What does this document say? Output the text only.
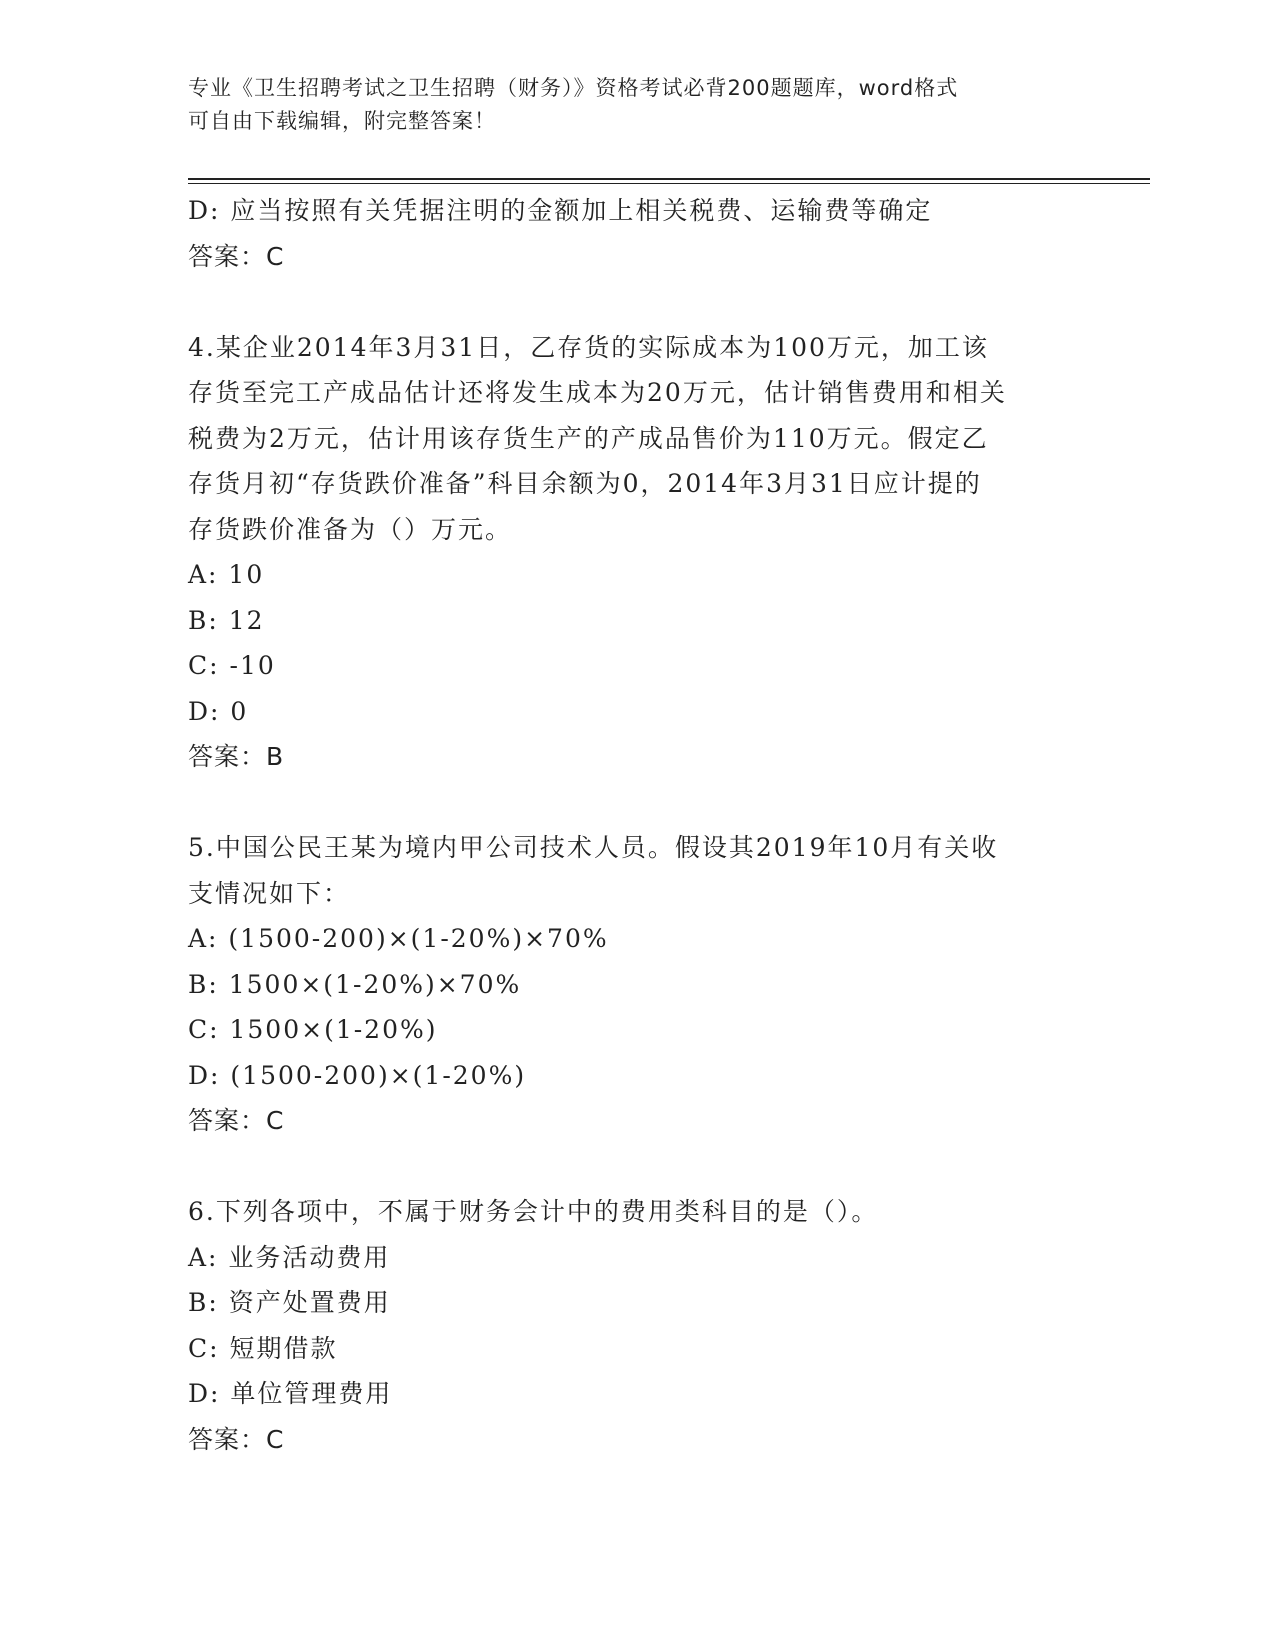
专业《卫生招聘考试之卫生招聘（财务）》资格考试必背200题题库，word格式
可自由下载编辑，附完整答案！
D: 应当按照有关凭据注明的金额加上相关税费、运输费等确定
答案：C
4.某企业2014年3月31日，乙存货的实际成本为100万元，加工该
存货至完工产成品估计还将发生成本为20万元，估计销售费用和相关
税费为2万元，估计用该存货生产的产成品售价为110万元。假定乙
存货月初“存货跌价准备”科目余额为0，2014年3月31日应计提的
存货跌价准备为（）万元。
A: 10
B: 12
C: -10
D: 0
答案：B
5.中国公民王某为境内甲公司技术人员。假设其2019年10月有关收
支情况如下：
A: (1500-200)×(1-20%)×70%
B: 1500×(1-20%)×70%
C: 1500×(1-20%)
D: (1500-200)×(1-20%)
答案：C
6.下列各项中，不属于财务会计中的费用类科目的是（）。
A: 业务活动费用
B: 资产处置费用
C: 短期借款
D: 单位管理费用
答案：C
